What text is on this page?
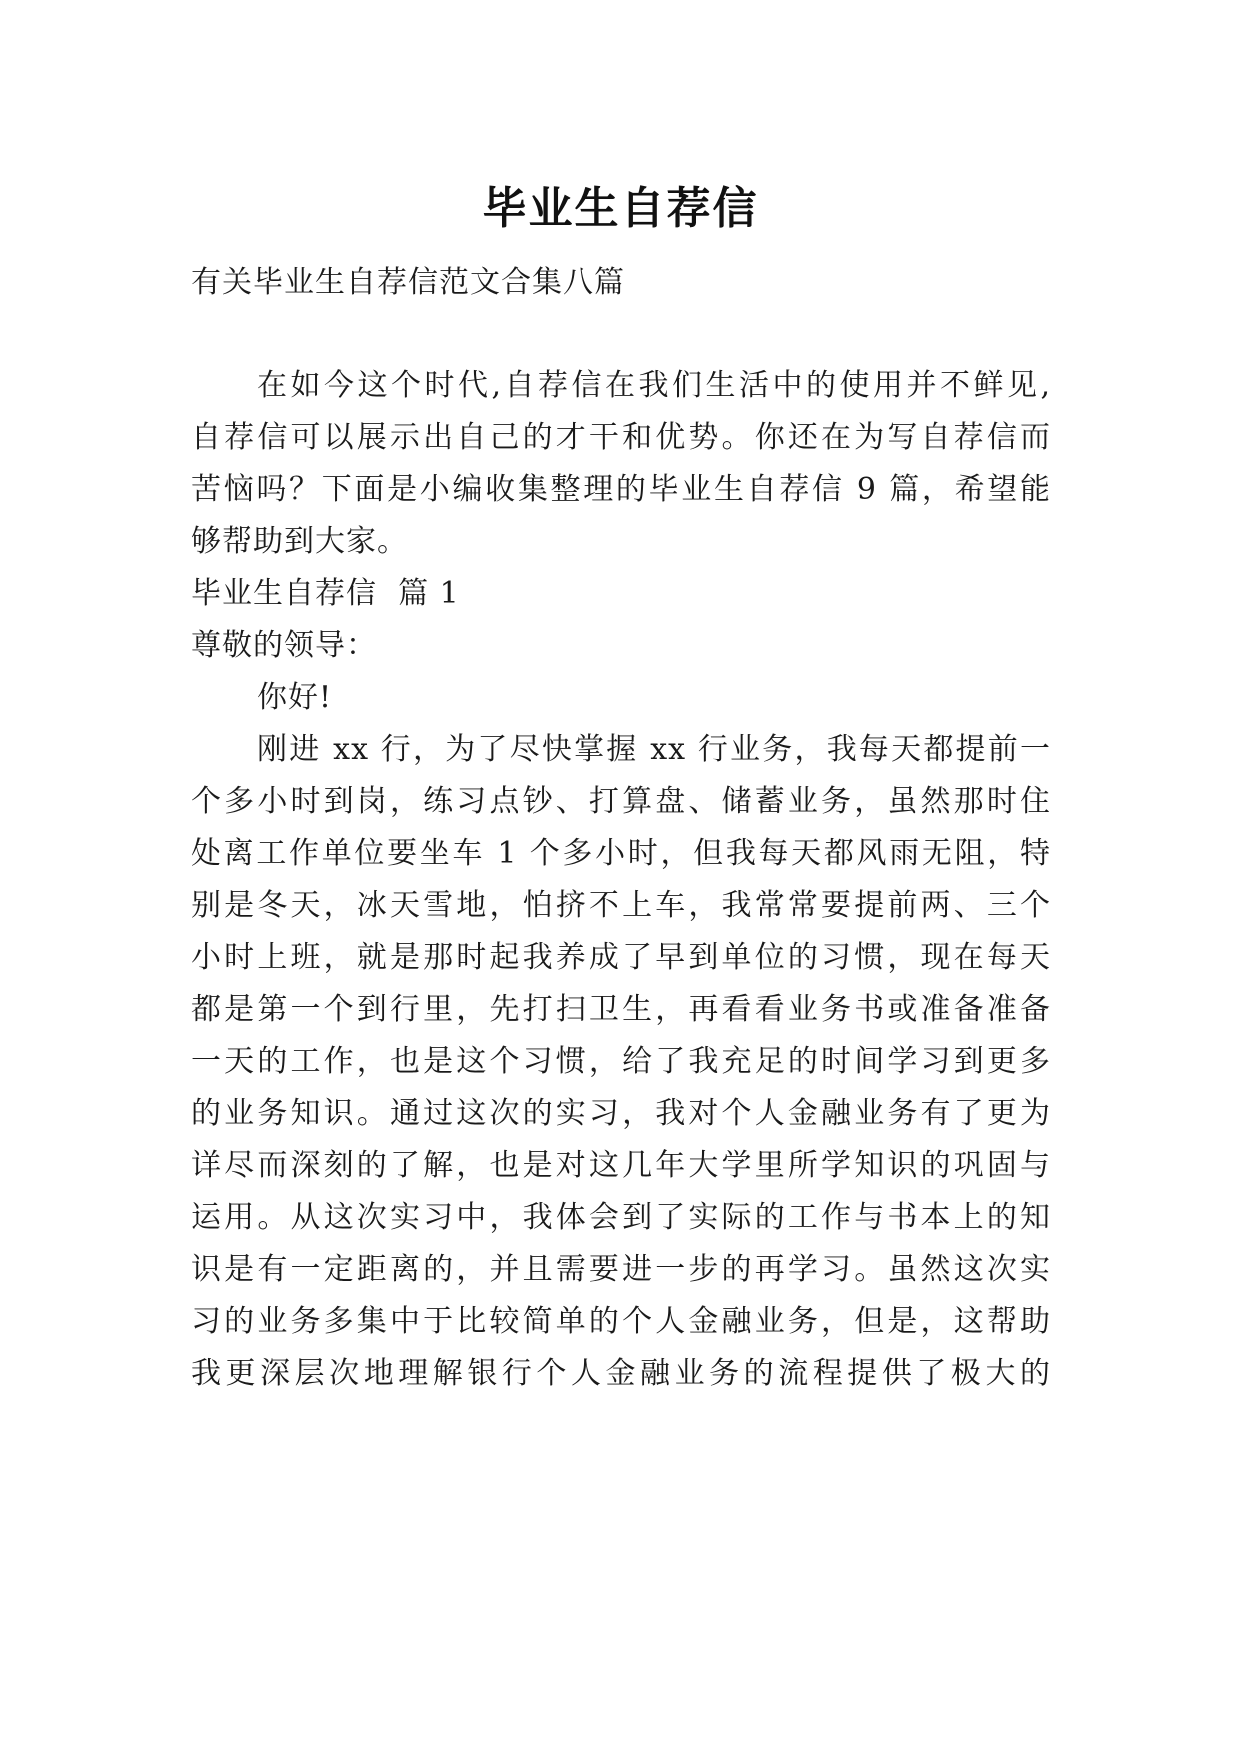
毕业生自荐信

有关毕业生自荐信范文合集八篇

在如今这个时代,自荐信在我们生活中的使用并不鲜见,

自荐信可以展示出自己的才干和优势。你还在为写自荐信而

苦恼吗？下面是小编收集整理的毕业生自荐信 9 篇，希望能

够帮助到大家。

毕业生自荐信  篇 1

尊敬的领导：

你好!

刚进 xx 行，为了尽快掌握 xx 行业务，我每天都提前一

个多小时到岗，练习点钞、打算盘、储蓄业务，虽然那时住

处离工作单位要坐车 1 个多小时，但我每天都风雨无阻，特

别是冬天，冰天雪地，怕挤不上车，我常常要提前两、三个

小时上班，就是那时起我养成了早到单位的习惯，现在每天

都是第一个到行里，先打扫卫生，再看看业务书或准备准备

一天的工作，也是这个习惯，给了我充足的时间学习到更多

的业务知识。通过这次的实习，我对个人金融业务有了更为

详尽而深刻的了解，也是对这几年大学里所学知识的巩固与

运用。从这次实习中，我体会到了实际的工作与书本上的知

识是有一定距离的，并且需要进一步的再学习。虽然这次实

习的业务多集中于比较简单的个人金融业务，但是，这帮助

我更深层次地理解银行个人金融业务的流程提供了极大的
